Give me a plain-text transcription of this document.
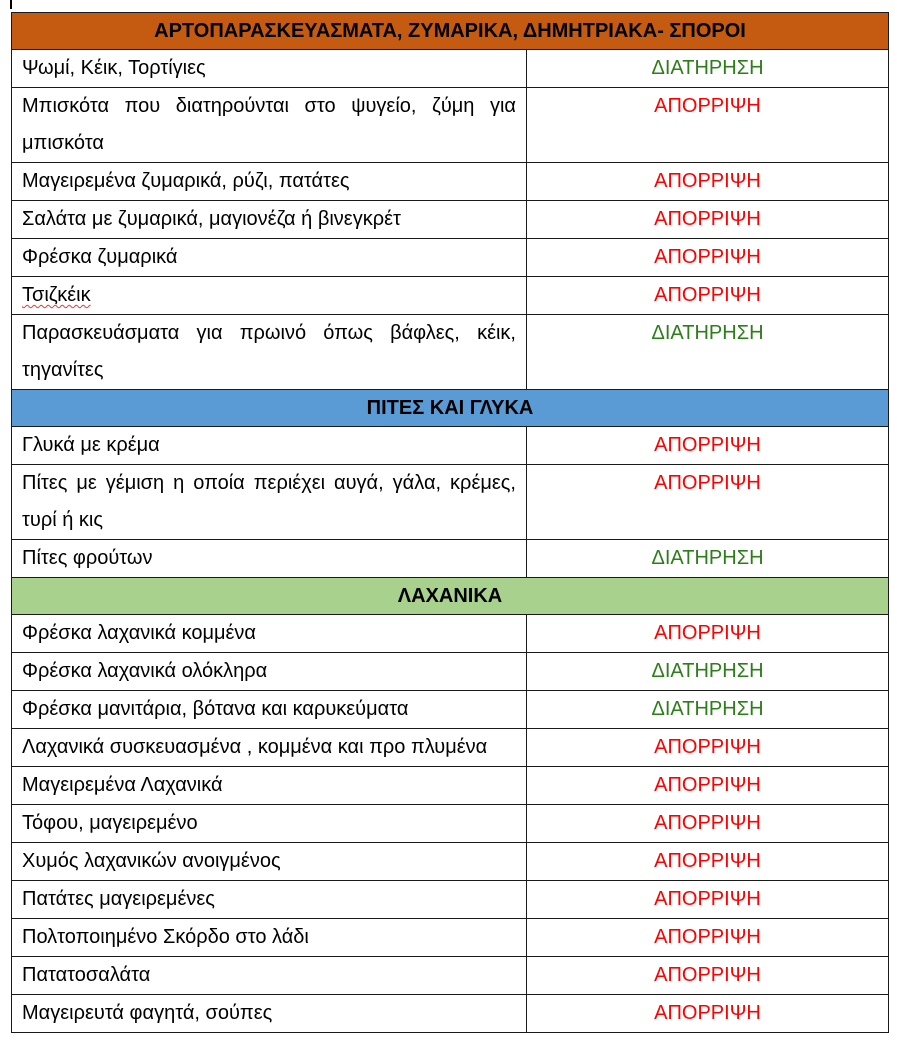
ΑΡΤΟΠΑΡΑΣΚΕΥΑΣΜΑΤΑ, ΖΥΜΑΡΙΚΑ, ΔΗΜΗΤΡΙΑΚΑ- ΣΠΟΡΟΙ	
Ψωμί, Κέικ, Τορτίγιες	ΔΙΑΤΗΡΗΣΗ
Μπισκότα που διατηρούνται στο ψυγείο, ζύμη για μπισκότα	ΑΠΟΡΡΙΨΗ
Μαγειρεμένα ζυμαρικά, ρύζι, πατάτες	ΑΠΟΡΡΙΨΗ
Σαλάτα με ζυμαρικά, μαγιονέζα ή βινεγκρέτ	ΑΠΟΡΡΙΨΗ
Φρέσκα ζυμαρικά	ΑΠΟΡΡΙΨΗ
Τσιζκέικ	ΑΠΟΡΡΙΨΗ
Παρασκευάσματα για πρωινό όπως βάφλες, κέικ, τηγανίτες	ΔΙΑΤΗΡΗΣΗ
ΠΙΤΕΣ ΚΑΙ ΓΛΥΚΑ	
Γλυκά με κρέμα	ΑΠΟΡΡΙΨΗ
Πίτες με γέμιση η οποία περιέχει αυγά, γάλα, κρέμες, τυρί ή κις	ΑΠΟΡΡΙΨΗ
Πίτες φρούτων	ΔΙΑΤΗΡΗΣΗ
ΛΑΧΑΝΙΚΑ	
Φρέσκα λαχανικά κομμένα	ΑΠΟΡΡΙΨΗ
Φρέσκα λαχανικά ολόκληρα	ΔΙΑΤΗΡΗΣΗ
Φρέσκα μανιτάρια, βότανα και καρυκεύματα	ΔΙΑΤΗΡΗΣΗ
Λαχανικά συσκευασμένα , κομμένα και προ πλυμένα	ΑΠΟΡΡΙΨΗ
Μαγειρεμένα Λαχανικά	ΑΠΟΡΡΙΨΗ
Τόφου, μαγειρεμένο	ΑΠΟΡΡΙΨΗ
Χυμός λαχανικών ανοιγμένος	ΑΠΟΡΡΙΨΗ
Πατάτες μαγειρεμένες	ΑΠΟΡΡΙΨΗ
Πολτοποιημένο Σκόρδο στο λάδι	ΑΠΟΡΡΙΨΗ
Πατατοσαλάτα	ΑΠΟΡΡΙΨΗ
Μαγειρευτά φαγητά, σούπες	ΑΠΟΡΡΙΨΗ
